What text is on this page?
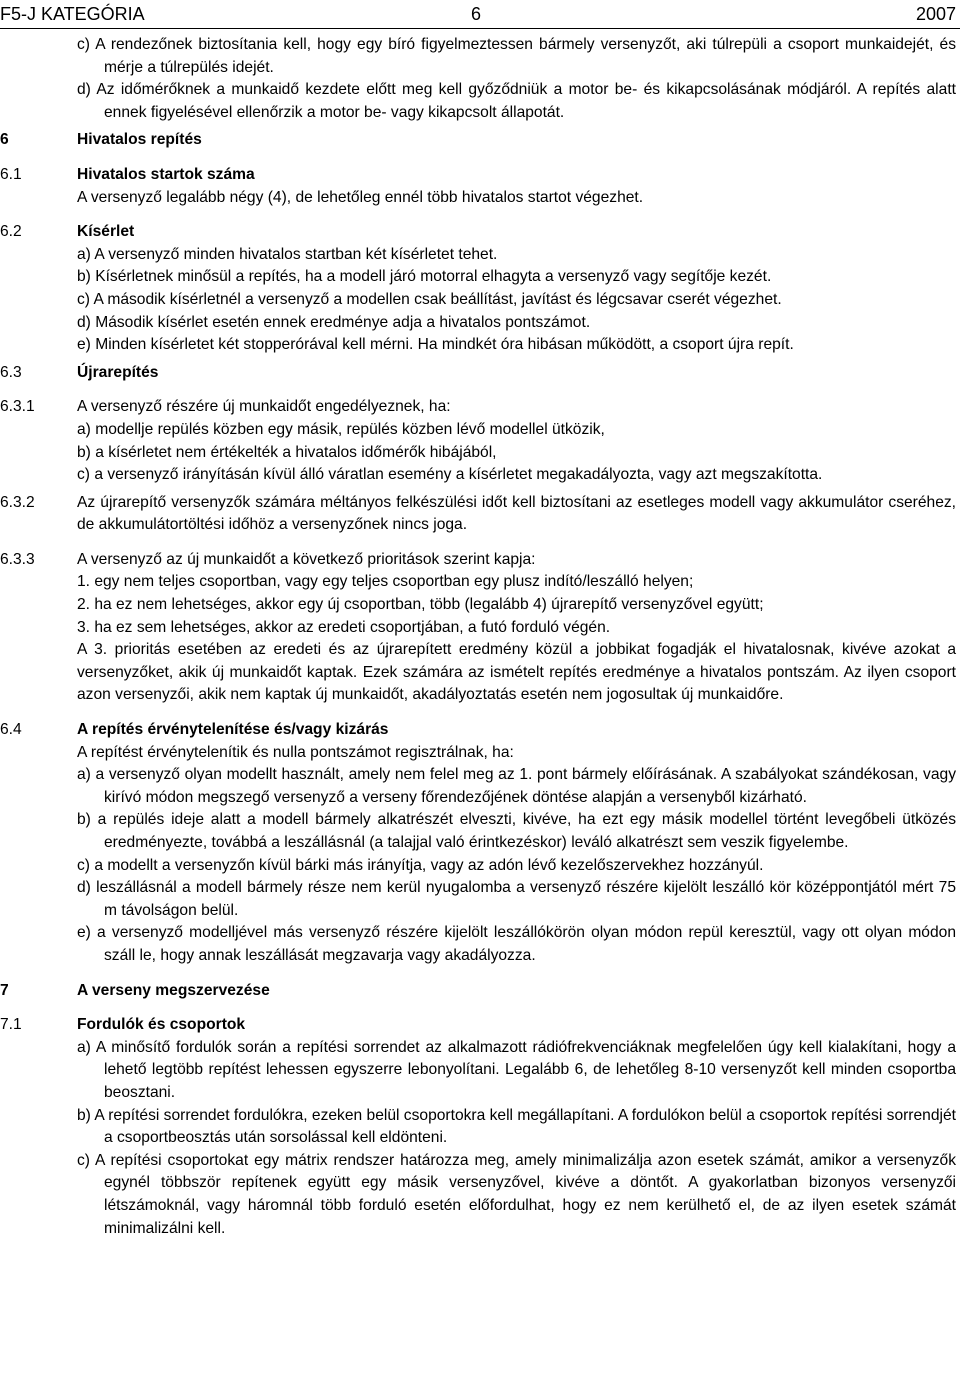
F5-J KATEGÓRIA	6	2007
c) A rendezőnek biztosítania kell, hogy egy bíró figyelmeztessen bármely versenyzőt, aki túlrepüli a csoport munkaidejét, és mérje a túlrepülés idejét.
d) Az időmérőknek a munkaidő kezdete előtt meg kell győződniük a motor be- és kikapcsolásának módjáról. A repítés alatt ennek figyelésével ellenőrzik a motor be- vagy kikapcsolt állapotát.
6	Hivatalos repítés
6.1	Hivatalos startok száma
A versenyző legalább négy (4), de lehetőleg ennél több hivatalos startot végezhet.
6.2	Kísérlet
a) A versenyző minden hivatalos startban két kísérletet tehet.
b) Kísérletnek minősül a repítés, ha a modell járó motorral elhagyta a versenyző vagy segítője kezét.
c) A második kísérletnél a versenyző a modellen csak beállítást, javítást és légcsavar cserét végezhet.
d) Második kísérlet esetén ennek eredménye adja a hivatalos pontszámot.
e) Minden kísérletet két stopperórával kell mérni. Ha mindkét óra hibásan működött, a csoport újra repít.
6.3	Újrarepítés
6.3.1	A versenyző részére új munkaidőt engedélyeznek, ha:
a) modellje repülés közben egy másik, repülés közben lévő modellel ütközik,
b) a kísérletet nem értékelték a hivatalos időmérők hibájából,
c) a versenyző irányításán kívül álló váratlan esemény a kísérletet megakadályozta, vagy azt megszakította.
6.3.2	Az újrarepítő versenyzők számára méltányos felkészülési időt kell biztosítani az esetleges modell vagy akkumulátor cseréhez, de akkumulátortöltési időhöz a versenyzőnek nincs joga.
6.3.3	A versenyző az új munkaidőt a következő prioritások szerint kapja:
1. egy nem teljes csoportban, vagy egy teljes csoportban egy plusz indító/leszálló helyen;
2. ha ez nem lehetséges, akkor egy új csoportban, több (legalább 4) újrarepítő versenyzővel együtt;
3. ha ez sem lehetséges, akkor az eredeti csoportjában, a futó forduló végén.
A 3. prioritás esetében az eredeti és az újrarepített eredmény közül a jobbikat fogadják el hivatalosnak, kivéve azokat a versenyzőket, akik új munkaidőt kaptak. Ezek számára az ismételt repítés eredménye a hivatalos pontszám. Az ilyen csoport azon versenyzői, akik nem kaptak új munkaidőt, akadályoztatás esetén nem jogosultak új munkaidőre.
6.4	A repítés érvénytelenítése és/vagy kizárás
A repítést érvénytelenítik és nulla pontszámot regisztrálnak, ha:
a) a versenyző olyan modellt használt, amely nem felel meg az 1. pont bármely előírásának. A szabályokat szándékosan, vagy kirívó módon megszegő versenyző a verseny főrendezőjének döntése alapján a versenyből kizárható.
b) a repülés ideje alatt a modell bármely alkatrészét elveszti, kivéve, ha ezt egy másik modellel történt levegőbeli ütközés eredményezte, továbbá a leszállásnál (a talajjal való érintkezéskor) leváló alkatrészt sem veszik figyelembe.
c) a modellt a versenyzőn kívül bárki más irányítja, vagy az adón lévő kezelőszervekhez hozzányúl.
d) leszállásnál a modell bármely része nem kerül nyugalomba a versenyző részére kijelölt leszálló kör középpontjától mért 75 m távolságon belül.
e) a versenyző modelljével más versenyző részére kijelölt leszállókörön olyan módon repül keresztül, vagy ott olyan módon száll le, hogy annak leszállását megzavarja vagy akadályozza.
7	A verseny megszervezése
7.1	Fordulók és csoportok
a) A minősítő fordulók során a repítési sorrendet az alkalmazott rádiófrekvenciáknak megfelelően úgy kell kialakítani, hogy a lehető legtöbb repítést lehessen egyszerre lebonyolítani. Legalább 6, de lehetőleg 8-10 versenyzőt kell minden csoportba beosztani.
b) A repítési sorrendet fordulókra, ezeken belül csoportokra kell megállapítani. A fordulókon belül a csoportok repítési sorrendjét a csoportbeosztás után sorsolással kell eldönteni.
c) A repítési csoportokat egy mátrix rendszer határozza meg, amely minimalizálja azon esetek számát, amikor a versenyzők egynél többször repítenek együtt egy másik versenyzővel, kivéve a döntőt. A gyakorlatban bizonyos versenyzői létszámoknál, vagy háromnál több forduló esetén előfordulhat, hogy ez nem kerülhető el, de az ilyen esetek számát minimalizálni kell.
